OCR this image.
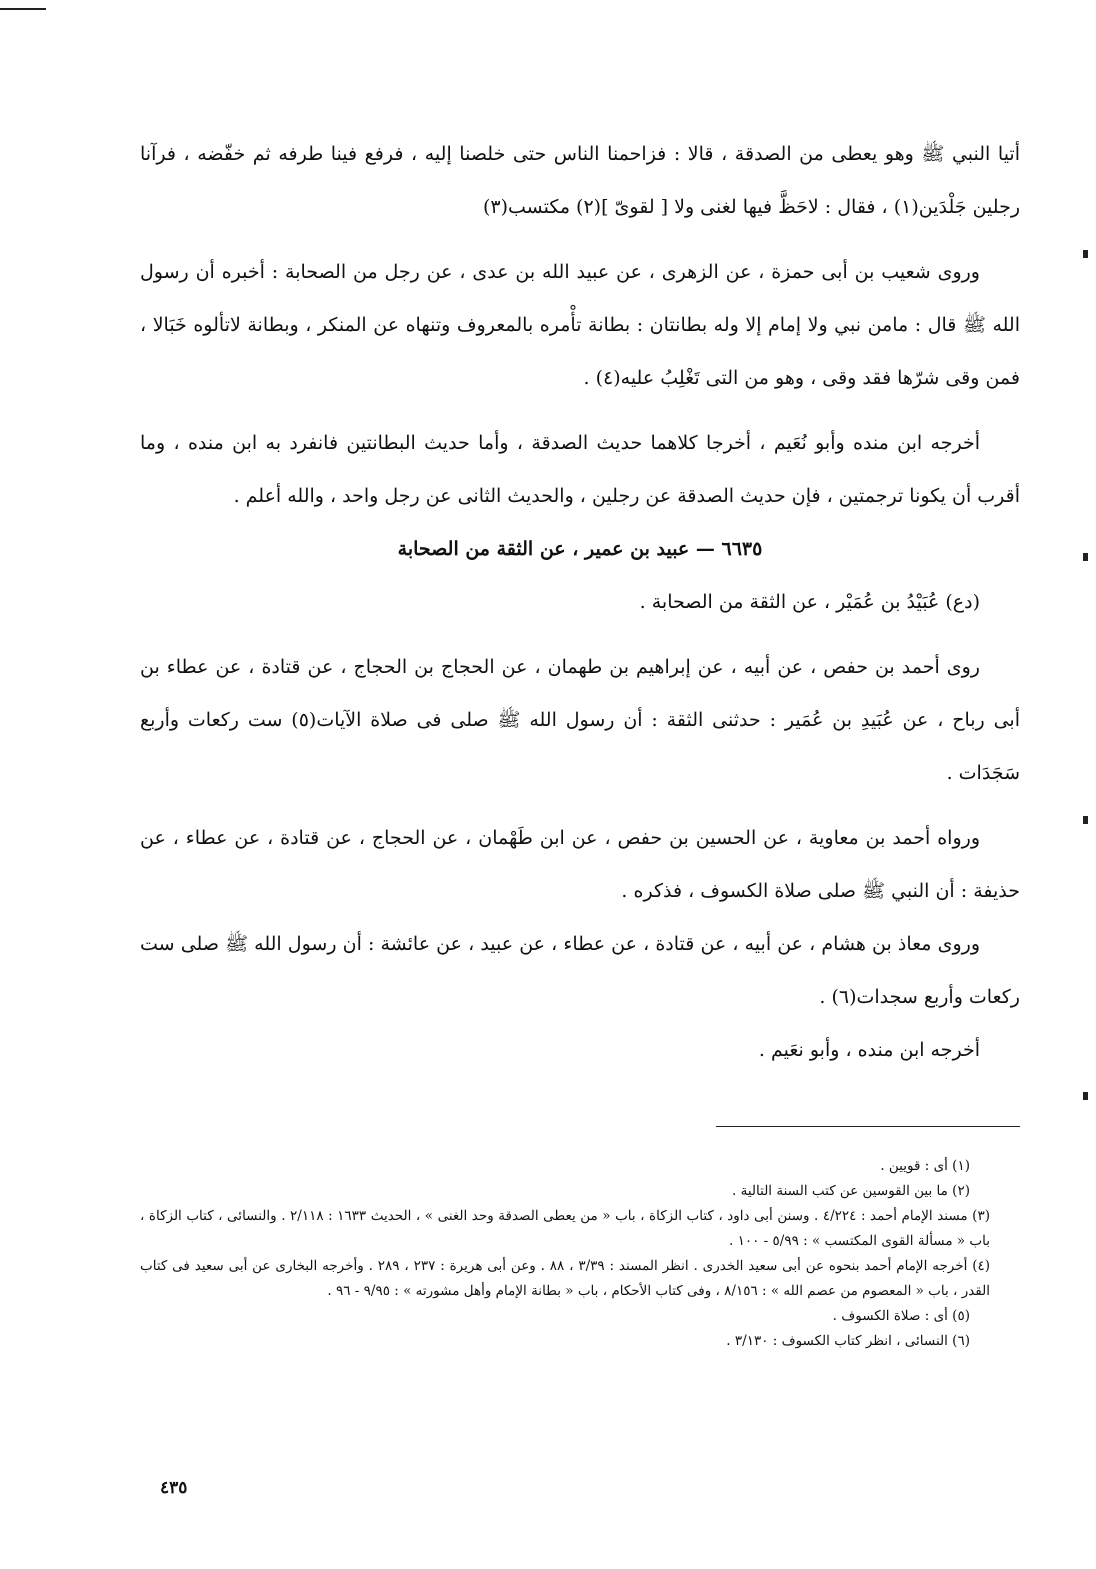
أتيا النبي ﷺ وهو يعطى من الصدقة ، قالا : فزاحمنا الناس حتى خلصنا إليه ، فرفع فينا طرفه ثم خفّضه ، فرآنا رجلين جَلْدَين(١) ، فقال : لاحَظَّ فيها لغنى ولا [ لقوىّ ](٢) مكتسب(٣)

وروى شعيب بن أبى حمزة ، عن الزهرى ، عن عبيد الله بن عدى ، عن رجل من الصحابة : أخبره أن رسول الله ﷺ قال : مامن نبي ولا إمام إلا وله بطانتان : بطانة تأْمره بالمعروف وتنهاه عن المنكر ، وبطانة لاتألوه خَبَالا ، فمن وقى شرّها فقد وقى ، وهو من التى تَغْلِبُ عليه(٤) .

أخرجه ابن منده وأبو نُعَيم ، أخرجا كلاهما حديث الصدقة ، وأما حديث البطانتين فانفرد به ابن منده ، وما أقرب أن يكونا ترجمتين ، فإن حديث الصدقة عن رجلين ، والحديث الثانى عن رجل واحد ، والله أعلم .

٦٦٣٥ — عبيد بن عمير ، عن الثقة من الصحابة

(دع) عُبَيْدُ بن عُمَيْر ، عن الثقة من الصحابة .

روى أحمد بن حفص ، عن أبيه ، عن إبراهيم بن طهمان ، عن الحجاج بن الحجاج ، عن قتادة ، عن عطاء بن أبى رباح ، عن عُبَيدِ بن عُمَير : حدثنى الثقة : أن رسول الله ﷺ صلى فى صلاة الآيات(٥) ست ركعات وأربع سَجَدَات .

ورواه أحمد بن معاوية ، عن الحسين بن حفص ، عن ابن طَهْمان ، عن الحجاج ، عن قتادة ، عن عطاء ، عن حذيفة : أن النبي ﷺ صلى صلاة الكسوف ، فذكره .

وروى معاذ بن هشام ، عن أبيه ، عن قتادة ، عن عطاء ، عن عبيد ، عن عائشة : أن رسول الله ﷺ صلى ست ركعات وأربع سجدات(٦) .

أخرجه ابن منده ، وأبو نعَيم .

(١) أى : قويين .

(٢) ما بين القوسين عن كتب السنة التالية .

(٣) مسند الإمام أحمد : ٤/٢٢٤ . وسنن أبى داود ، كتاب الزكاة ، باب « من يعطى الصدقة وحد الغنى » ، الحديث ١٦٣٣ : ٢/١١٨ . والنسائى ، كتاب الزكاة ، باب « مسألة القوى المكتسب » : ٥/٩٩ - ١٠٠ .

(٤) أخرجه الإمام أحمد بنحوه عن أبى سعيد الخدرى . انظر المسند : ٣/٣٩ ، ٨٨ . وعن أبى هريرة : ٢٣٧ ، ٢٨٩ . وأخرجه البخارى عن أبى سعيد فى كتاب القدر ، باب « المعصوم من عصم الله » : ٨/١٥٦ ، وفى كتاب الأحكام ، باب « بطانة الإمام وأهل مشورته » : ٩/٩٥ - ٩٦ .

(٥) أى : صلاة الكسوف .

(٦) النسائى ، انظر كتاب الكسوف : ٣/١٣٠ .

٤٣٥
